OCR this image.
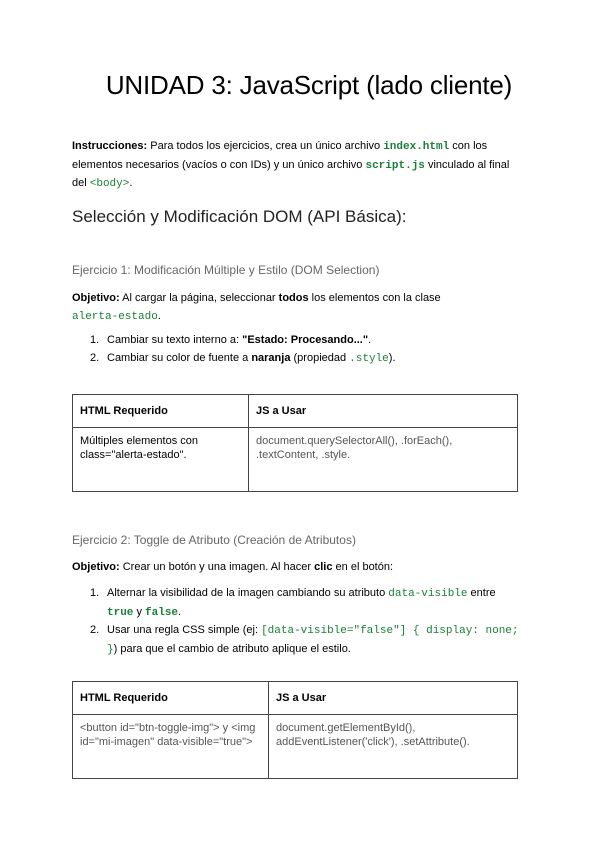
UNIDAD 3: JavaScript (lado cliente)
Instrucciones: Para todos los ejercicios, crea un único archivo index.html con los
elementos necesarios (vacíos o con IDs) y un único archivo script.js vinculado al final
del <body>.
Selección y Modificación DOM (API Básica):
Ejercicio 1: Modificación Múltiple y Estilo (DOM Selection)
Objetivo: Al cargar la página, seleccionar todos los elementos con la clase
alerta-estado.
1. Cambiar su texto interno a: "Estado: Procesando...".
2. Cambiar su color de fuente a naranja (propiedad .style).
HTML Requerido	JS a Usar
Múltiples elementos con class="alerta-estado".	document.querySelectorAll(), .forEach(), .textContent, .style.
Ejercicio 2: Toggle de Atributo (Creación de Atributos)
Objetivo: Crear un botón y una imagen. Al hacer clic en el botón:
1. Alternar la visibilidad de la imagen cambiando su atributo data-visible entre
true y false.
2. Usar una regla CSS simple (ej: [data-visible="false"] { display: none;
}) para que el cambio de atributo aplique el estilo.
HTML Requerido	JS a Usar
<button id="btn-toggle-img"> y <img id="mi-imagen" data-visible="true">	document.getElementById(), addEventListener('click'), .setAttribute().
